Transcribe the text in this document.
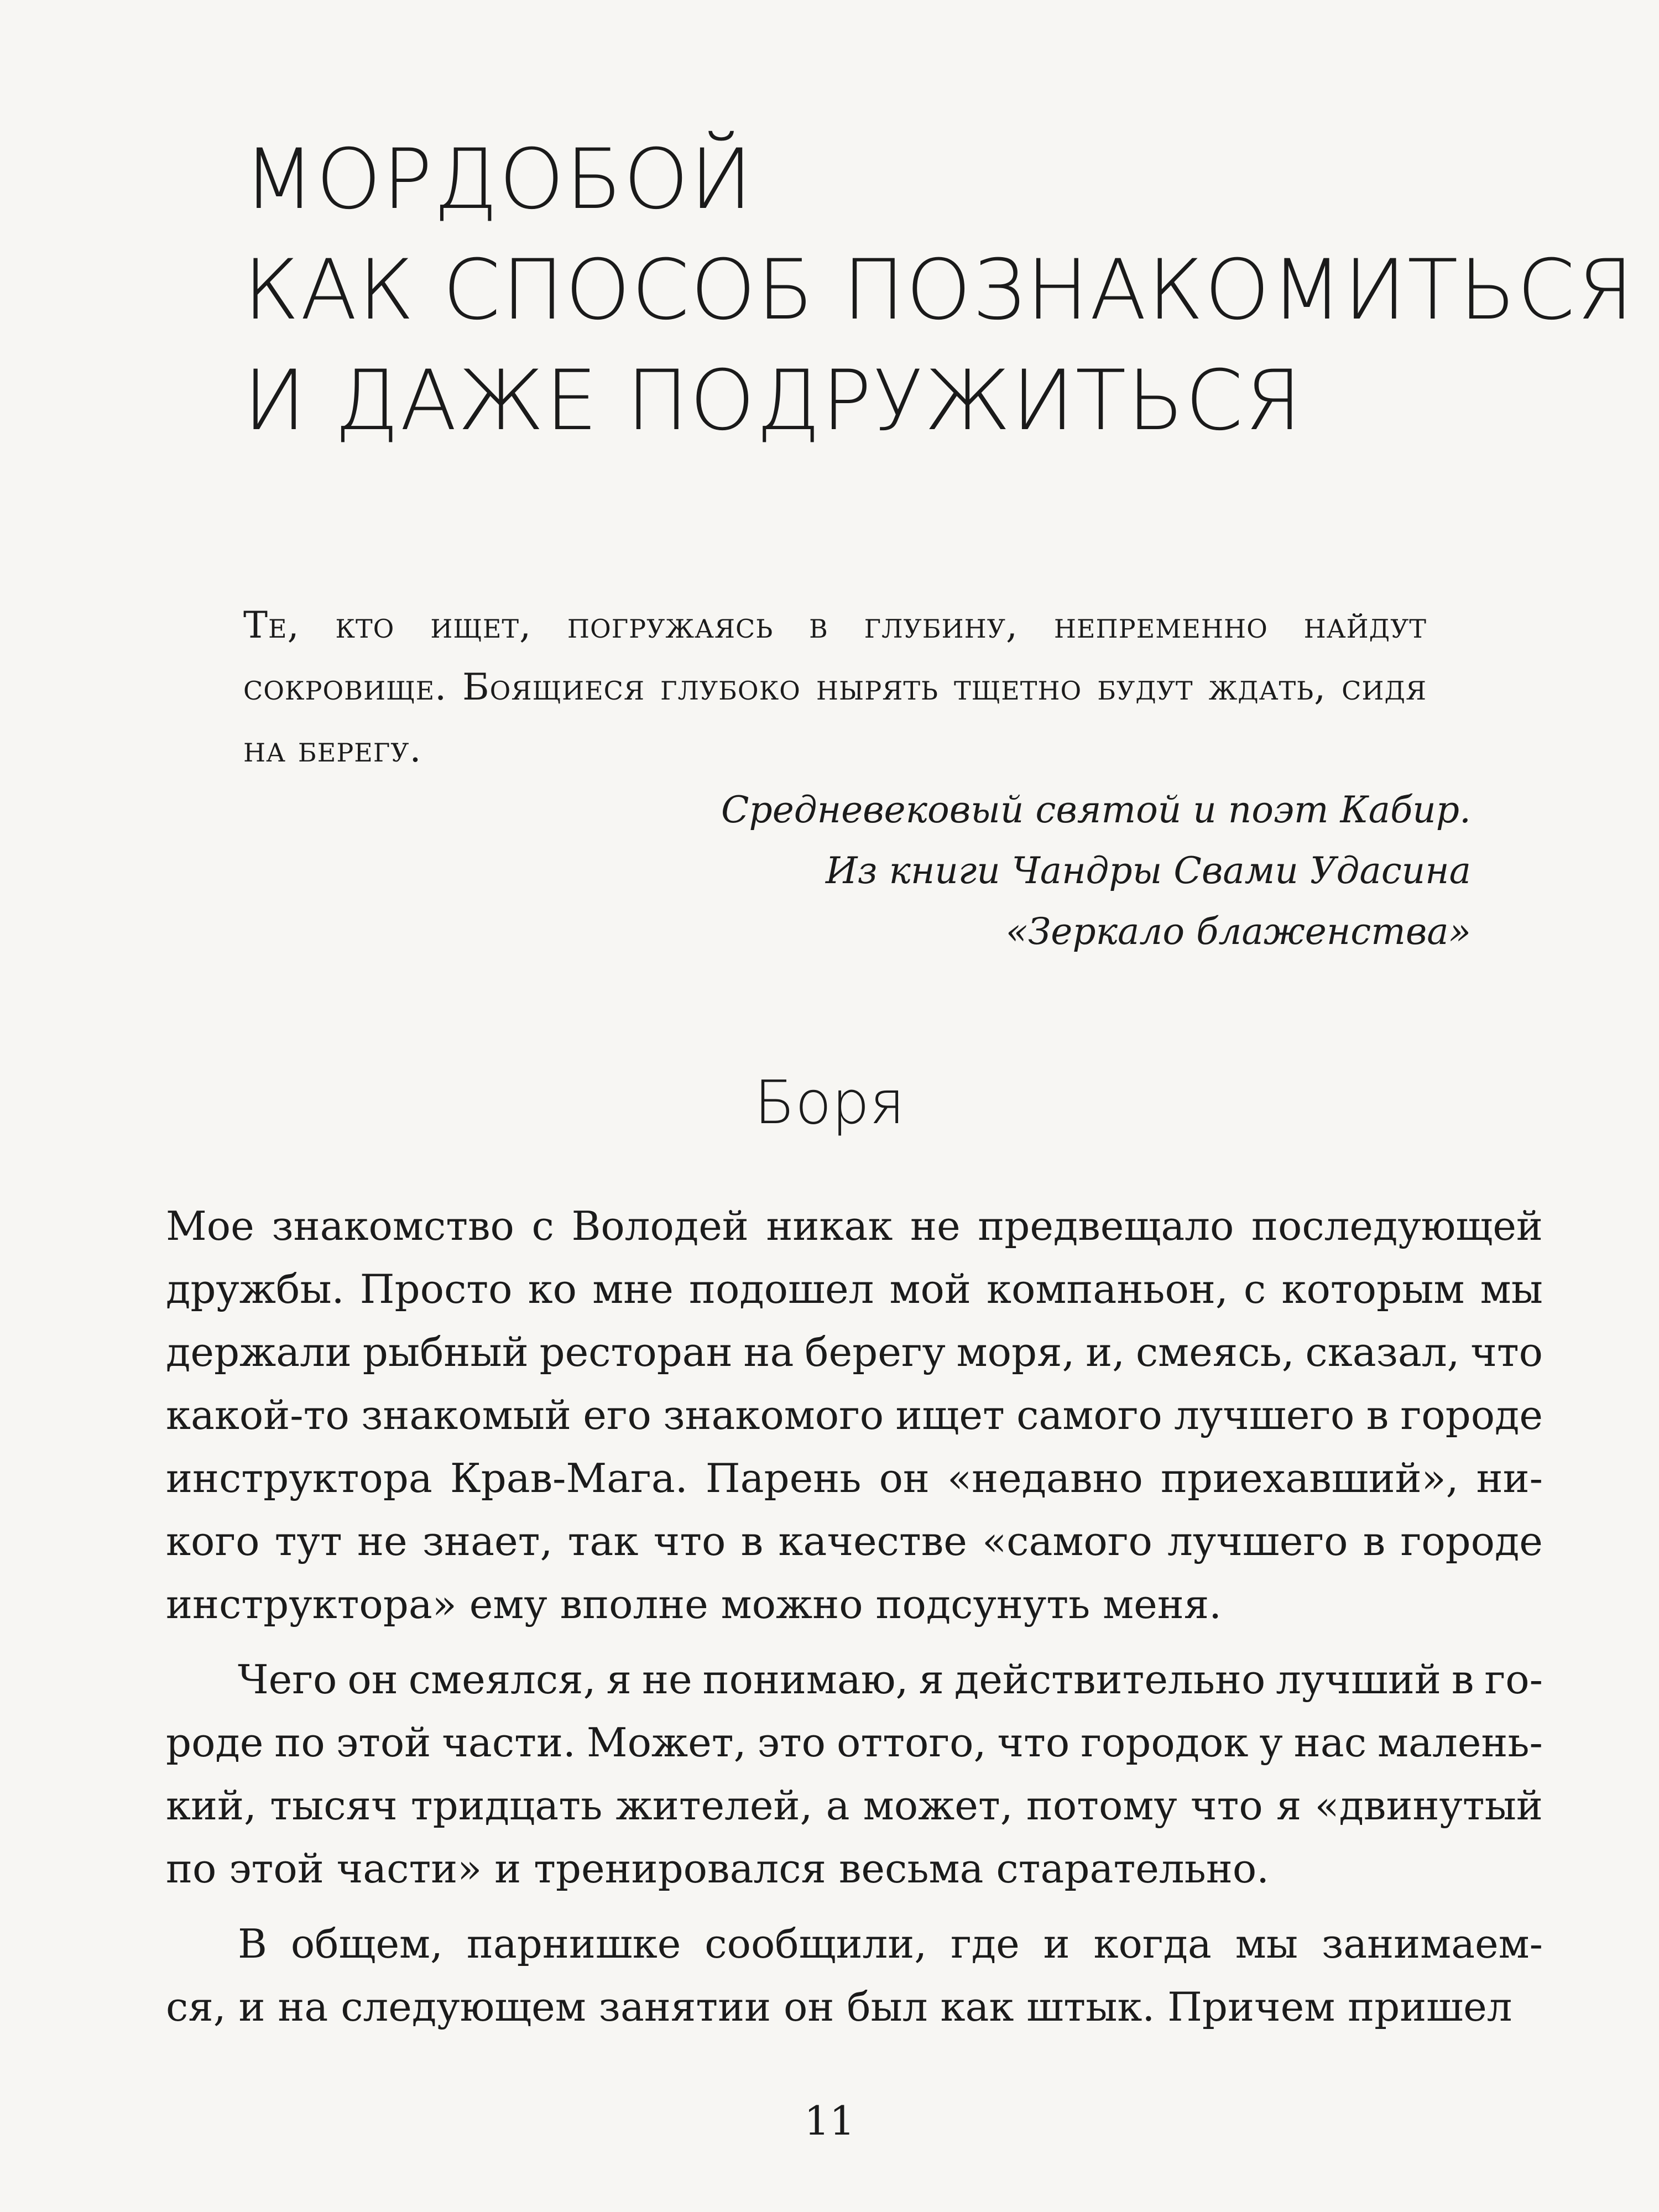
МОРДОБОЙ
КАК СПОСОБ ПОЗНАКОМИТЬСЯ
И ДАЖЕ ПОДРУЖИТЬСЯ
Те, кто ищет, погружаясь в глубину, непременно найдут сокровище. Боящиеся глубоко нырять тщетно будут ждать, сидя на берегу.
Средневековый святой и поэт Кабир.
Из книги Чандры Свами Удасина
«Зеркало блаженства»
Боря
Мое знакомство с Володей никак не предвещало последующей
дружбы. Просто ко мне подошел мой компаньон, с которым мы
держали рыбный ресторан на берегу моря, и, смеясь, сказал, что
какой-то знакомый его знакомого ищет самого лучшего в городе
инструктора Крав-Мага. Парень он «недавно приехавший», ни-
кого тут не знает, так что в качестве «самого лучшего в городе
инструктора» ему вполне можно подсунуть меня.
Чего он смеялся, я не понимаю, я действительно лучший в го-
роде по этой части. Может, это оттого, что городок у нас малень-
кий, тысяч тридцать жителей, а может, потому что я «двинутый
по этой части» и тренировался весьма старательно.
В общем, парнишке сообщили, где и когда мы занимаем-
ся, и на следующем занятии он был как штык. Причем пришел
11
